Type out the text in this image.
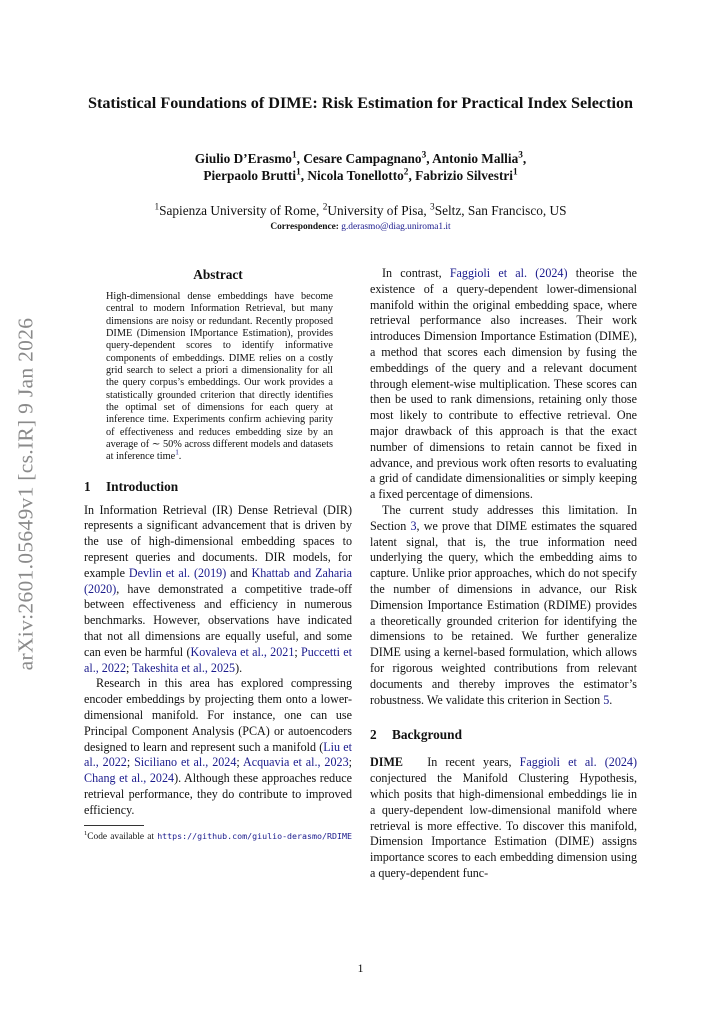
arXiv:2601.05649v1 [cs.IR] 9 Jan 2026
Statistical Foundations of DIME: Risk Estimation for Practical Index Selection
Giulio D’Erasmo$^1$, Cesare Campagnano$^3$, Antonio Mallia$^3$,
Pierpaolo Brutti$^1$, Nicola Tonellotto$^2$, Fabrizio Silvestri$^1$
$^1$Sapienza University of Rome, $^2$University of Pisa, $^3$Seltz, San Francisco, US
Correspondence: g.derasmo@diag.uniroma1.it
Abstract

High-dimensional dense embeddings have become central to modern Information Retrieval, but many dimensions are noisy or redundant. Recently proposed DIME (Dimension IMportance Estimation), provides query-dependent scores to identify informative components of embeddings. DIME relies on a costly grid search to select a priori a dimensionality for all the query corpus’s embeddings. Our work provides a statistically grounded criterion that directly identifies the optimal set of dimensions for each query at inference time. Experiments confirm achieving parity of effectiveness and reduces embedding size by an average of ∼ 50% across different models and datasets at inference time$^1$.

1 Introduction

In Information Retrieval (IR) Dense Retrieval (DIR) represents a significant advancement that is driven by the use of high-dimensional embedding spaces to represent queries and documents. DIR models, for example Devlin et al. (2019) and Khattab and Zaharia (2020), have demonstrated a competitive trade-off between effectiveness and efficiency in numerous benchmarks. However, observations have indicated that not all dimensions are equally useful, and some can even be harmful (Kovaleva et al., 2021; Puccetti et al., 2022; Takeshita et al., 2025).

Research in this area has explored compressing encoder embeddings by projecting them onto a lower-dimensional manifold. For instance, one can use Principal Component Analysis (PCA) or autoencoders designed to learn and represent such a manifold (Liu et al., 2022; Siciliano et al., 2024; Acquavia et al., 2023; Chang et al., 2024). Although these approaches reduce retrieval performance, they do contribute to improved efficiency.

$^1$Code available at https://github.com/giulio-derasmo/RDIME

In contrast, Faggioli et al. (2024) theorise the existence of a query-dependent lower-dimensional manifold within the original embedding space, where retrieval performance also increases. Their work introduces Dimension Importance Estimation (DIME), a method that scores each dimension by fusing the embeddings of the query and a relevant document through element-wise multiplication. These scores can then be used to rank dimensions, retaining only those most likely to contribute to effective retrieval. One major drawback of this approach is that the exact number of dimensions to retain cannot be fixed in advance, and previous work often resorts to evaluating a grid of candidate dimensionalities or simply keeping a fixed percentage of dimensions.

The current study addresses this limitation. In Section 3, we prove that DIME estimates the squared latent signal, that is, the true information need underlying the query, which the embedding aims to capture. Unlike prior approaches, which do not specify the number of dimensions in advance, our Risk Dimension Importance Estimation (RDIME) provides a theoretically grounded criterion for identifying the dimensions to be retained. We further generalize DIME using a kernel-based formulation, which allows for rigorous weighted contributions from relevant documents and thereby improves the estimator’s robustness. We validate this criterion in Section 5.

2 Background

DIME In recent years, Faggioli et al. (2024) conjectured the Manifold Clustering Hypothesis, which posits that high-dimensional embeddings lie in a query-dependent low-dimensional manifold where retrieval is more effective. To discover this manifold, Dimension Importance Estimation (DIME) assigns importance scores to each embedding dimension using a query-dependent func-

1
